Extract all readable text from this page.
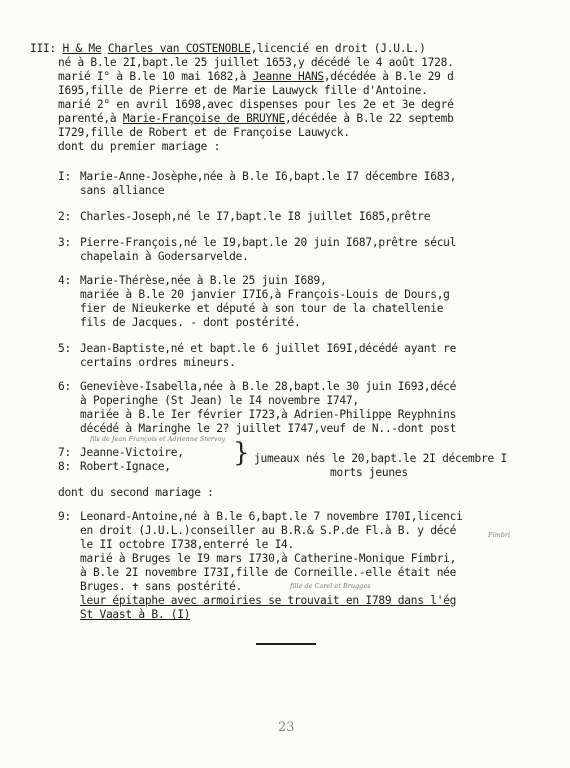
III: H & Me Charles van COSTENOBLE,licencié en droit (J.U.L.)
né à B.le 2I,bapt.le 25 juillet 1653,y décédé le 4 août 1728.
marié I° à B.le 10 mai 1682,à Jeanne HANS,décédée à B.le 29 d
I695,fille de Pierre et de Marie Lauwyck fille d'Antoine.
marié 2° en avril 1698,avec dispenses pour les 2e et 3e degré
parenté,à Marie-Françoise de BRUYNE,décédée à B.le 22 septemb
I729,fille de Robert et de Françoise Lauwyck.
dont du premier mariage :
I: Marie-Anne-Josèphe,née à B.le I6,bapt.le I7 décembre I683,
sans alliance
2: Charles-Joseph,né le I7,bapt.le I8 juillet I685,prêtre
3: Pierre-François,né le I9,bapt.le 20 juin I687,prêtre sécul
chapelain à Godersarvelde.
4: Marie-Thérèse,née à B.le 25 juin I689,
mariée à B.le 20 janvier I7I6,à François-Louis de Dours,g
fier de Nieukerke et député à son tour de la chatellenie
fils de Jacques. - dont postérité.
5: Jean-Baptiste,né et bapt.le 6 juillet I69I,décédé ayant re
certains ordres mineurs.
6: Geneviève-Isabella,née à B.le 28,bapt.le 30 juin I693,décé
à Poperinghe (St Jean) le I4 novembre I747,
mariée à B.le Ier février I723,à Adrien-Philippe Reyphnins
décédé à Maringhe le 2? juillet I747,veuf de N..-dont post
fils de Jean François et Adrienne Stervoy
7: Jeanne-Victoire,
8: Robert-Ignace, } jumeaux nés le 20,bapt.le 2I décembre I
morts jeunes
dont du second mariage :
9: Leonard-Antoine,né à B.le 6,bapt.le 7 novembre I70I,licenci
en droit (J.U.L.)conseiller au B.R.& S.P.de Fl.à B. y décé
le II octobre I738,enterré le I4.
Fimbri
marié à Bruges le I9 mars I730,à Catherine-Monique Fimbri,
à B.le 2I novembre I73I,fille de Corneille.-elle était née
Bruges. ✝ sans postérité.	fille de Carel et Brugges
leur épitaphe avec armoiries se trouvait en I789 dans l'ég
St Vaast à B. (I)
23
